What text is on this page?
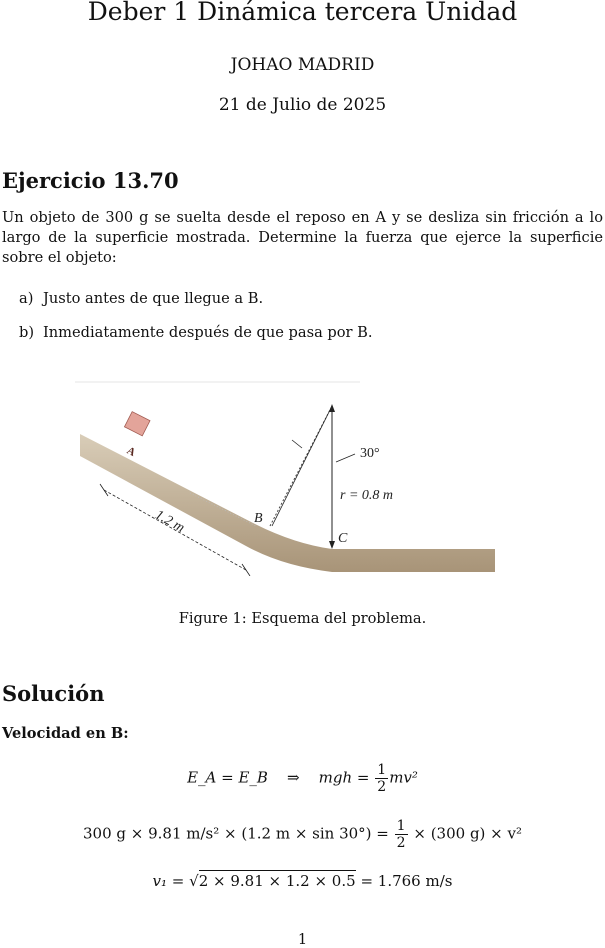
Deber 1 Dinámica tercera Unidad
JOHAO MADRID
21 de Julio de 2025
Ejercicio 13.70

Un objeto de 300 g se suelta desde el reposo en A y se desliza sin fricción a lo largo de la superficie mostrada. Determine la fuerza que ejerce la superficie sobre el objeto:

a) Justo antes de que llegue a B.
b) Inmediatamente después de que pasa por B.
A	30°
r = 0.8 m
B
C
1.2 m
Figure 1: Esquema del problema.
Solución
Velocidad en B:
E_A = E_B ⇒ mgh = $\frac{1}{2} mv^2$
300 g × 9.81 m/s² × (1.2 $m \times \sin 30^\circ) = \frac{1}{2} \times (300$ g) × v²
v₁ = √2 × 9.81 × 1.2 × 0.5 = 1.766 m/s
1
